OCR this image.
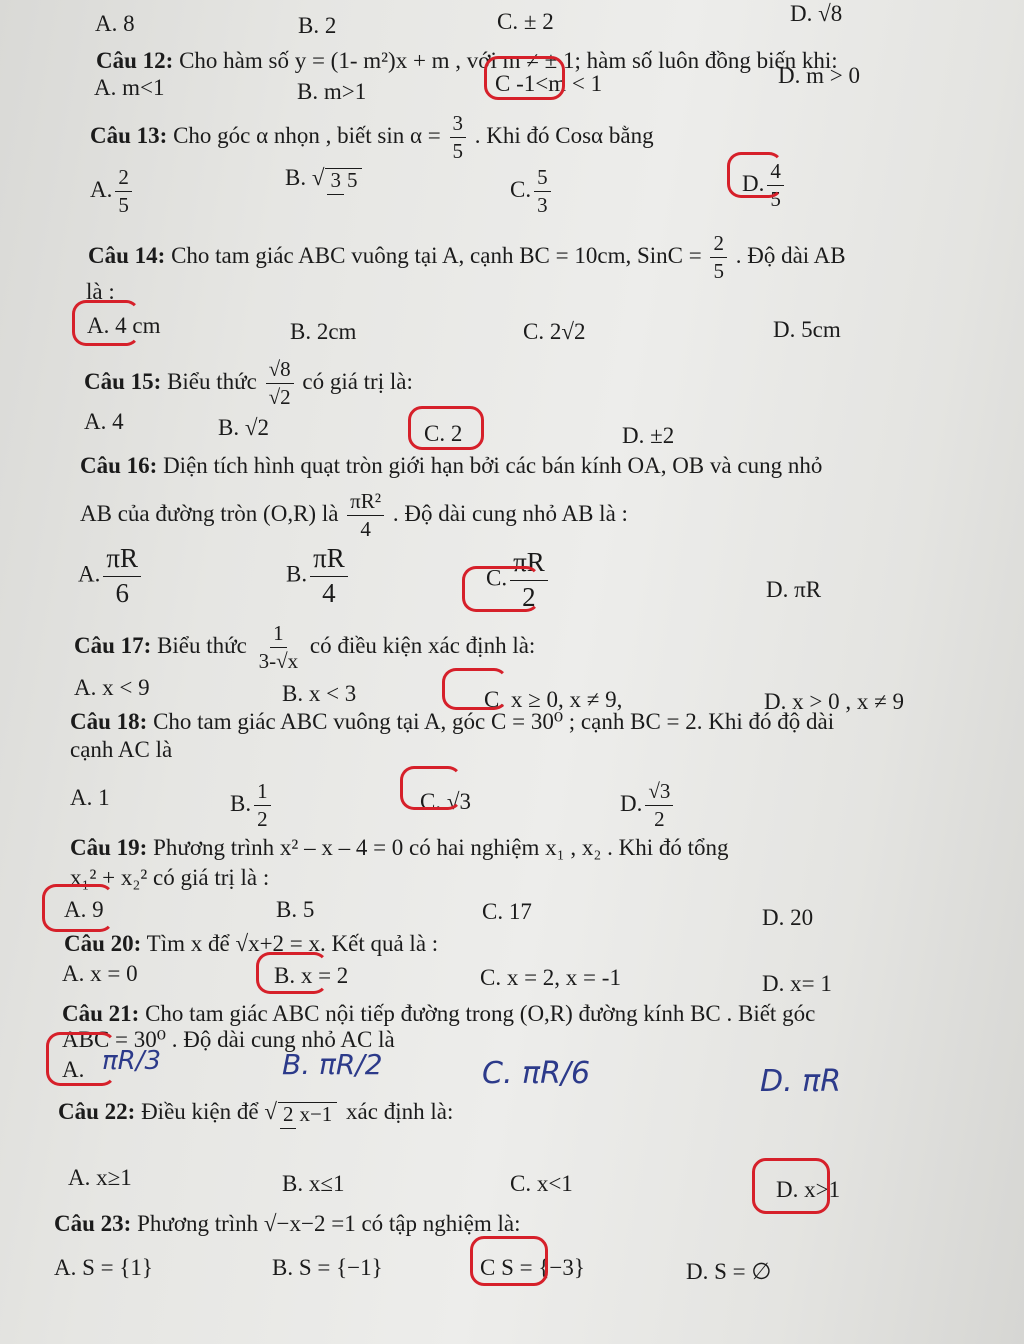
A. 8	B. 2	C. ± 2	D. √8
Câu 12: Cho hàm số y = (1- m²)x + m , với m ≠ ± 1; hàm số luôn đồng biến khi:
A. m<1	B. m>1	C -1<m < 1	D. m > 0
Câu 13: Cho góc α nhọn , biết $\sin \alpha = \frac{3}{5}$ . Khi đó Cosα bằng
A. $\frac{2}{5}$	B. √ 3 5	C. $\frac{5}{3}$	D. $\frac{4}{5}$
Câu 14: Cho tam giác ABC vuông tại A, cạnh BC = 10cm, SinC = $\frac{2}{5}$ . Độ dài AB
là :
A. 4 cm	B. 2cm	C. 2√2	D. 5cm
Câu 15: Biểu thức $\frac{√8}{√2}$ có giá trị là:
A. 4	B. √2	C. 2	D. ±2
Câu 16: Diện tích hình quạt tròn giới hạn bởi các bán kính OA, OB và cung nhỏ
AB của đường tròn (O,R) là $\frac{\text{πR²}}{4}$ . Độ dài cung nhỏ AB là :
A. $\frac{\pi R}{6}$	B. $\frac{\pi R}{4}$	C. $\frac{\pi R}{2}$	D. πR
Câu 17: Biểu thức $\frac{1}{3-√x}$ có điều kiện xác định là:
A. x < 9	B. x < 3	C. x ≥ 0, x ≠ 9,	D. x > 0 , x ≠ 9
Câu 18: Cho tam giác ABC vuông tại A, góc C = 30⁰ ; cạnh BC = 2. Khi đó độ dài
cạnh AC là
A. 1	B. $\frac{1}{2}$	C. √3	D. $\frac{√3}{2}$
Câu 19: Phương trình x² – x – 4 = 0 có hai nghiệm x₁ , x₂ . Khi đó tổng
x₁² + x₂² có giá trị là :
A. 9	B. 5	C. 17	D. 20
Câu 20: Tìm x để √x+2 = x. Kết quả là :
A. x = 0	B. x = 2	C. x = 2, x = -1	D. x= 1
Câu 21: Cho tam giác ABC nội tiếp đường trong (O,R) đường kính BC . Biết góc
ABC = 30⁰ . Độ dài cung nhỏ AC là
A. πR/3	B. πR/2	C. πR/6	D. πR
Câu 22: Điều kiện để √ 2 x−1 xác định là:
A. x≥1	B. x≤1	C. x<1	D. x>1
Câu 23: Phương trình √−x−2 =1 có tập nghiệm là:
A. S = {1}	B. S = {−1}	C S = {−3}	D. S = ∅
